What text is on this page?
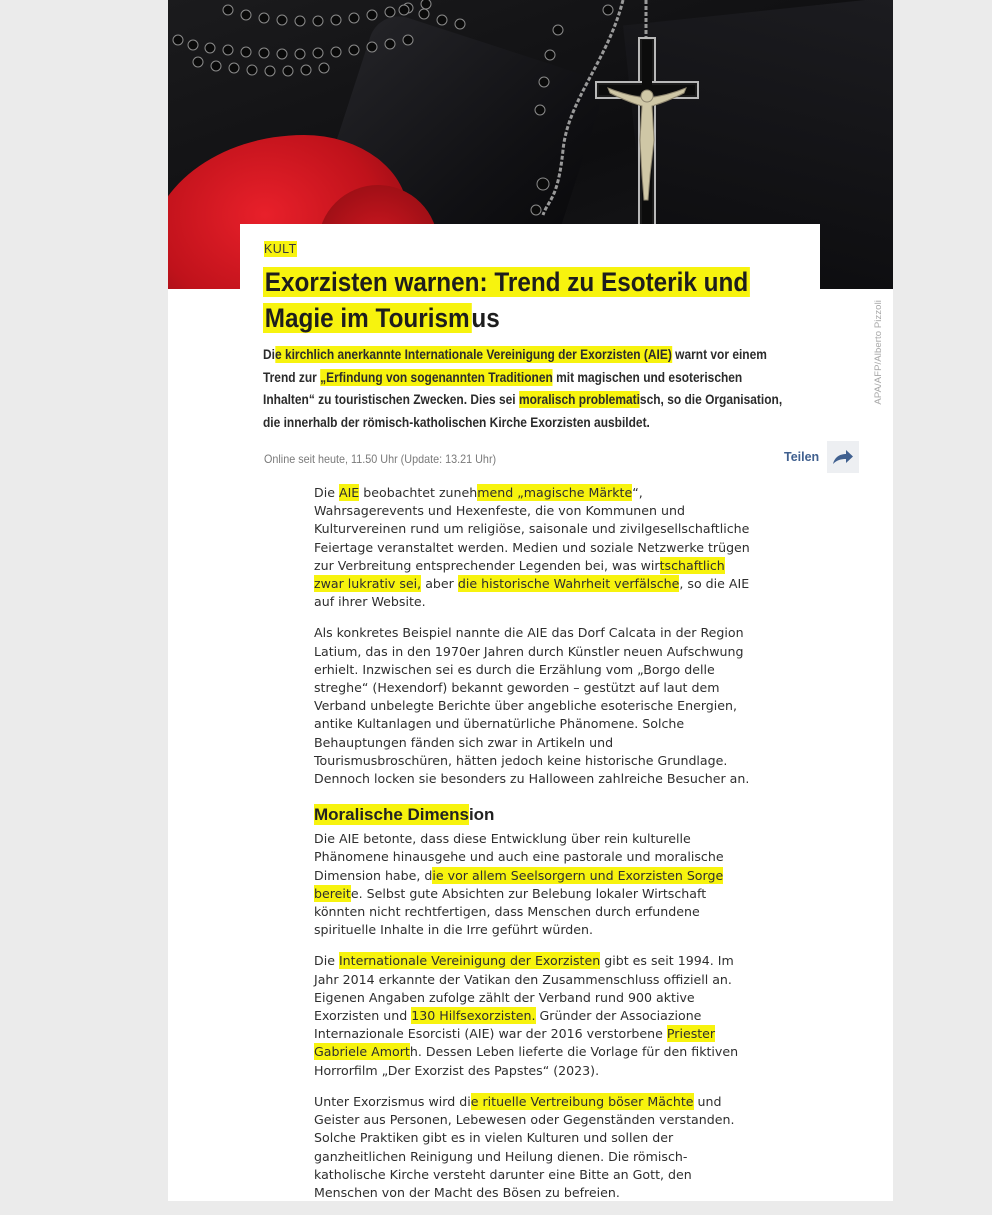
APA/AFP/Alberto Pizzoli
KULT
Exorzisten warnen: Trend zu Esoterik und
Magie im Tourismus

Die kirchlich anerkannte Internationale Vereinigung der Exorzisten (AIE) warnt vor einem Trend zur „Erfindung von sogenannten Traditionen mit magischen und esoterischen Inhalten“ zu touristischen Zwecken. Dies sei moralisch problematisch, so die Organisation, die innerhalb der römisch-katholischen Kirche Exorzisten ausbildet.

Online seit heute, 11.50 Uhr (Update: 13.21 Uhr)	Teilen

Die AIE beobachtet zunehmend „magische Märkte“, Wahrsagerevents und Hexenfeste, die von Kommunen und Kulturvereinen rund um religiöse, saisonale und zivilgesellschaftliche Feiertage veranstaltet werden. Medien und soziale Netzwerke trügen zur Verbreitung entsprechender Legenden bei, was wirtschaftlich zwar lukrativ sei, aber die historische Wahrheit verfälsche, so die AIE auf ihrer Website.

Als konkretes Beispiel nannte die AIE das Dorf Calcata in der Region Latium, das in den 1970er Jahren durch Künstler neuen Aufschwung erhielt. Inzwischen sei es durch die Erzählung vom „Borgo delle streghe“ (Hexendorf) bekannt geworden – gestützt auf laut dem Verband unbelegte Berichte über angebliche esoterische Energien, antike Kultanlagen und übernatürliche Phänomene. Solche Behauptungen fänden sich zwar in Artikeln und Tourismusbroschüren, hätten jedoch keine historische Grundlage. Dennoch locken sie besonders zu Halloween zahlreiche Besucher an.

Moralische Dimension

Die AIE betonte, dass diese Entwicklung über rein kulturelle Phänomene hinausgehe und auch eine pastorale und moralische Dimension habe, die vor allem Seelsorgern und Exorzisten Sorge bereite. Selbst gute Absichten zur Belebung lokaler Wirtschaft könnten nicht rechtfertigen, dass Menschen durch erfundene spirituelle Inhalte in die Irre geführt würden.

Die Internationale Vereinigung der Exorzisten gibt es seit 1994. Im Jahr 2014 erkannte der Vatikan den Zusammenschluss offiziell an. Eigenen Angaben zufolge zählt der Verband rund 900 aktive Exorzisten und 130 Hilfsexorzisten. Gründer der Associazione Internazionale Esorcisti (AIE) war der 2016 verstorbene Priester Gabriele Amorth. Dessen Leben lieferte die Vorlage für den fiktiven Horrorfilm „Der Exorzist des Papstes“ (2023).

Unter Exorzismus wird die rituelle Vertreibung böser Mächte und Geister aus Personen, Lebewesen oder Gegenständen verstanden. Solche Praktiken gibt es in vielen Kulturen und sollen der ganzheitlichen Reinigung und Heilung dienen. Die römisch-katholische Kirche versteht darunter eine Bitte an Gott, den Menschen von der Macht des Bösen zu befreien.
